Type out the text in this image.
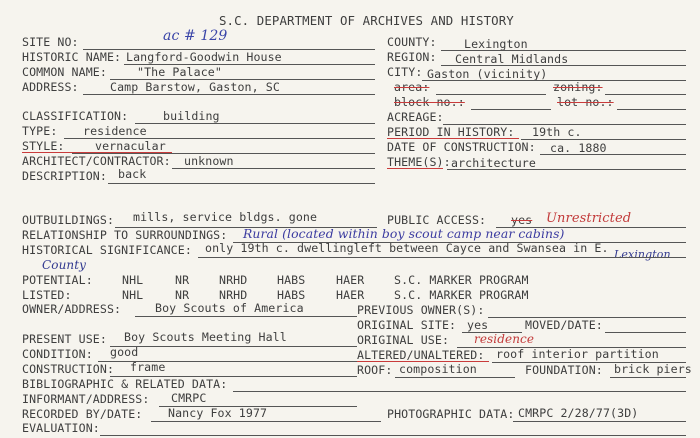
S.C. DEPARTMENT OF ARCHIVES AND HISTORY
SITE NO:	ac # 129
HISTORIC NAME: Langford-Goodwin House
COMMON NAME:	"The Palace"
ADDRESS:	Camp Barstow, Gaston, SC
CLASSIFICATION:	building
TYPE: residence
STYLE:	vernacular
ARCHITECT/CONTRACTOR: unknown
DESCRIPTION: back
COUNTY: Lexington
REGION: Central Midlands
CITY: Gaston (vicinity)
area:	zoning:
block no.:	lot no.:
ACREAGE:
PERIOD IN HISTORY: 19th c.
DATE OF CONSTRUCTION: ca. 1880
THEME(S): architecture
OUTBUILDINGS: mills, service bldgs. gone	PUBLIC ACCESS: yes Unrestricted
RELATIONSHIP TO SURROUNDINGS: Rural (located within boy scout camp near cabins)
HISTORICAL SIGNIFICANCE: only 19th c. dwellingleft between Cayce and Swansea in E. Lexington
County
POTENTIAL:	NHL	NR	NRHD	HABS	HAER	S.C. MARKER PROGRAM
LISTED:	NHL	NR	NRHD	HABS	HAER	S.C. MARKER PROGRAM
OWNER/ADDRESS:	Boy Scouts of America	PREVIOUS OWNER(S):
ORIGINAL SITE: yes	MOVED/DATE:
PRESENT USE: Boy Scouts Meeting Hall	ORIGINAL USE: residence
CONDITION: good	ALTERED/UNALTERED: roof interior partition
CONSTRUCTION: frame	ROOF: composition	FOUNDATION: brick piers
BIBLIOGRAPHIC & RELATED DATA:
INFORMANT/ADDRESS: CMRPC
RECORDED BY/DATE: Nancy Fox 1977	PHOTOGRAPHIC DATA: CMRPC 2/28/77(3D)
EVALUATION:
